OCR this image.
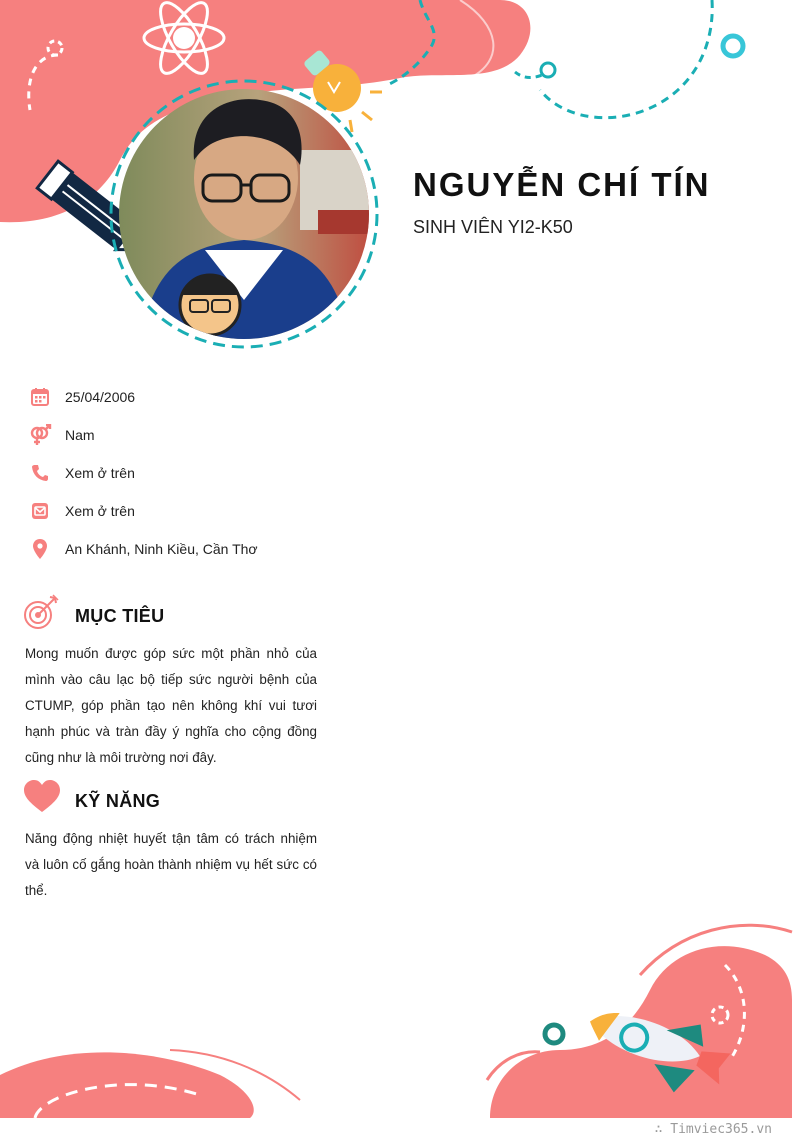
NGUYỄN CHÍ TÍN
SINH VIÊN YI2-K50
25/04/2006
Nam
Xem ở trên
Xem ở trên
An Khánh, Ninh Kiều, Cần Thơ
MỤC TIÊU
Mong muốn được góp sức một phần nhỏ của mình vào câu lạc bộ tiếp sức người bệnh của CTUMP, góp phần tạo nên không khí vui tươi hạnh phúc và tràn đầy ý nghĩa cho cộng đồng cũng như là môi trường nơi đây.
KỸ NĂNG
Năng động nhiệt huyết tận tâm có trách nhiệm và luôn cố gắng hoàn thành nhiệm vụ hết sức có thể.
∴ Timviec365.vn
